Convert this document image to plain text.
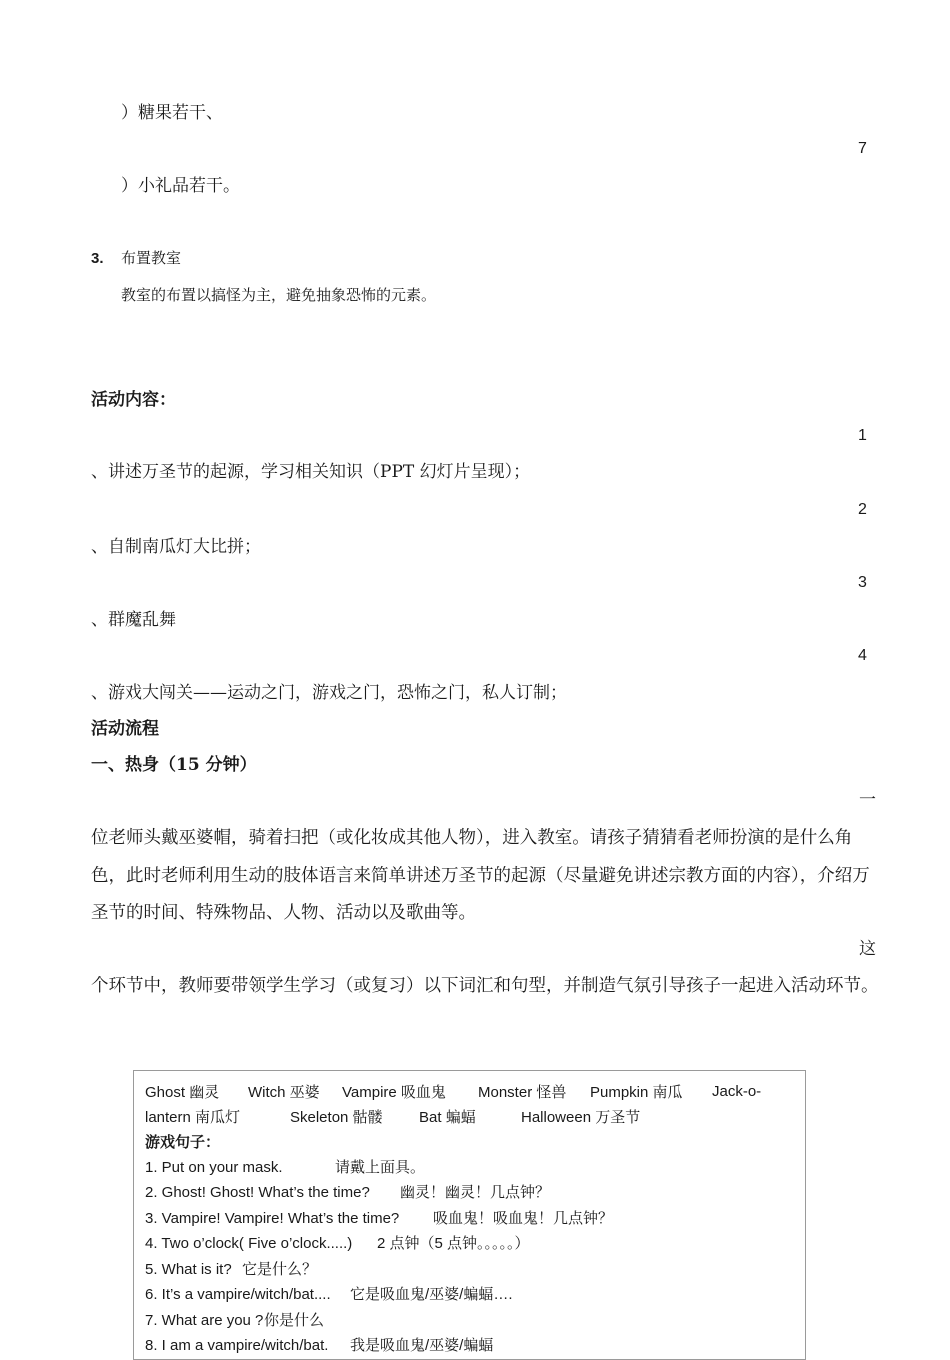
）糖果若干、
7
）小礼品若干。
3. 布置教室
教室的布置以搞怪为主，避免抽象恐怖的元素。
活动内容：
1
、讲述万圣节的起源，学习相关知识（PPT 幻灯片呈现）；
2
、自制南瓜灯大比拼；
3
、群魔乱舞
4
、游戏大闯关——运动之门，游戏之门，恐怖之门，私人订制；
活动流程
一、热身（15 分钟）
一
位老师头戴巫婆帽，骑着扫把（或化妆成其他人物），进入教室。请孩子猜猜看老师扮演的是什么角色，此时老师利用生动的肢体语言来简单讲述万圣节的起源（尽量避免讲述宗教方面的内容），介绍万圣节的时间、特殊物品、人物、活动以及歌曲等。
这
个环节中，教师要带领学生学习（或复习）以下词汇和句型，并制造气氛引导孩子一起进入活动环节。
Ghost 幽灵 Witch 巫婆 Vampire 吸血鬼 Monster 怪兽 Pumpkin 南瓜 Jack-o-
lantern 南瓜灯	Skeleton 骷髅 Bat 蝙蝠	Halloween 万圣节
游戏句子：
1. Put on your mask.	请戴上面具。
2. Ghost! Ghost! What’s the time? 幽灵！幽灵！几点钟？
3. Vampire! Vampire! What’s the time? 吸血鬼！吸血鬼！几点钟？
4. Two o’clock( Five o’clock.....) 2 点钟（5 点钟。。。。。）
5. What is it? 它是什么？
6. It’s a vampire/witch/bat.... 它是吸血鬼/巫婆/蝙蝠….
7. What are you ? 你是什么
8. I am a vampire/witch/bat. 我是吸血鬼/巫婆/蝙蝠
